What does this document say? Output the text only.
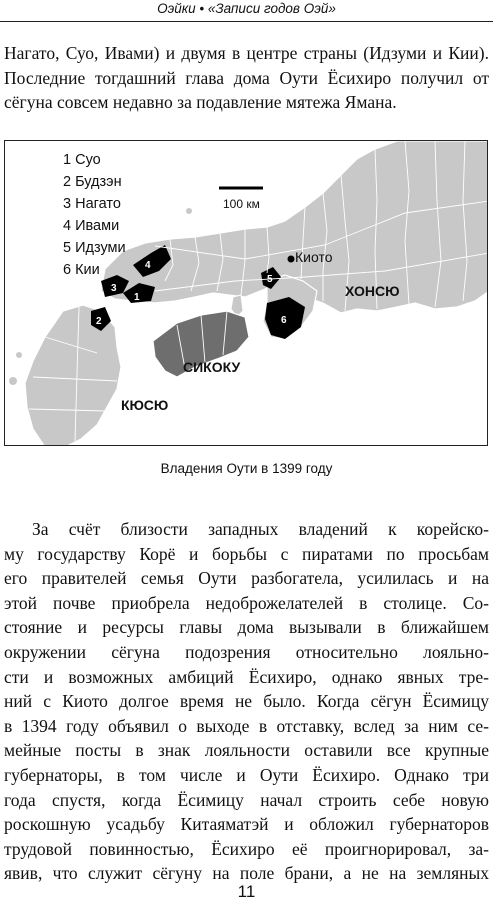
Оэйки • «Записи годов Оэй»
Нагато, Суо, Ивами) и двумя в центре страны (Идзуми и Кии).
Последние тогдашний глава дома Оути Ёсихиро получил от
сёгуна совсем недавно за подавление мятежа Ямана.
1
2
3
4
5
6
1 Суо
2 Будзэн
3 Нагато
4 Ивами
5 Идзуми
6 Кии
100 км
Киото
ХОНСЮ
СИКОКУ
КЮСЮ
Владения Оути в 1399 году
За счёт близости западных владений к корейско-
му государству Корё и борьбы с пиратами по просьбам
его правителей семья Оути разбогатела, усилилась и на
этой почве приобрела недоброжелателей в столице. Со-
стояние и ресурсы главы дома вызывали в ближайшем
окружении сёгуна подозрения относительно лояльно-
сти и возможных амбиций Ёсихиро, однако явных тре-
ний с Киото долгое время не было. Когда сёгун Ёсимицу
в 1394 году объявил о выходе в отставку, вслед за ним се-
мейные посты в знак лояльности оставили все крупные
губернаторы, в том числе и Оути Ёсихиро. Однако три
года спустя, когда Ёсимицу начал строить себе новую
роскошную усадьбу Китаяматэй и обложил губернаторов
трудовой повинностью, Ёсихиро её проигнорировал, за-
явив, что служит сёгуну на поле брани, а не на земляных
11
